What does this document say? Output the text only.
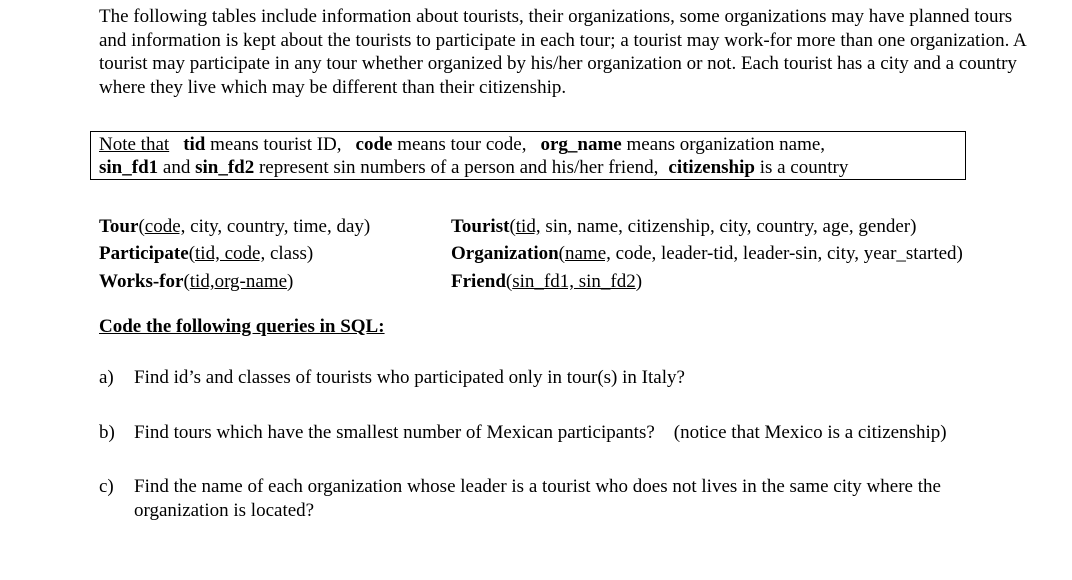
The following tables include information about tourists, their organizations, some organizations may have planned tours and information is kept about the tourists to participate in each tour; a tourist may work-for more than one organization. A tourist may participate in any tour whether organized by his/her organization or not. Each tourist has a city and a country where they live which may be different than their citizenship.

Note that tid means tourist ID, code means tour code, org_name means organization name,
sin_fd1 and sin_fd2 represent sin numbers of a person and his/her friend, citizenship is a country
Tour(code, city, country, time, day)
Participate(tid, code, class)
Works-for(tid,org-name)
Tourist(tid, sin, name, citizenship, city, country, age, gender)
Organization(name, code, leader-tid, leader-sin, city, year_started)
Friend(sin_fd1, sin_fd2)
Code the following queries in SQL:
a) Find id’s and classes of tourists who participated only in tour(s) in Italy?
b) Find tours which have the smallest number of Mexican participants?    (notice that Mexico is a citizenship)
c) Find the name of each organization whose leader is a tourist who does not lives in the same city where the organization is located?
